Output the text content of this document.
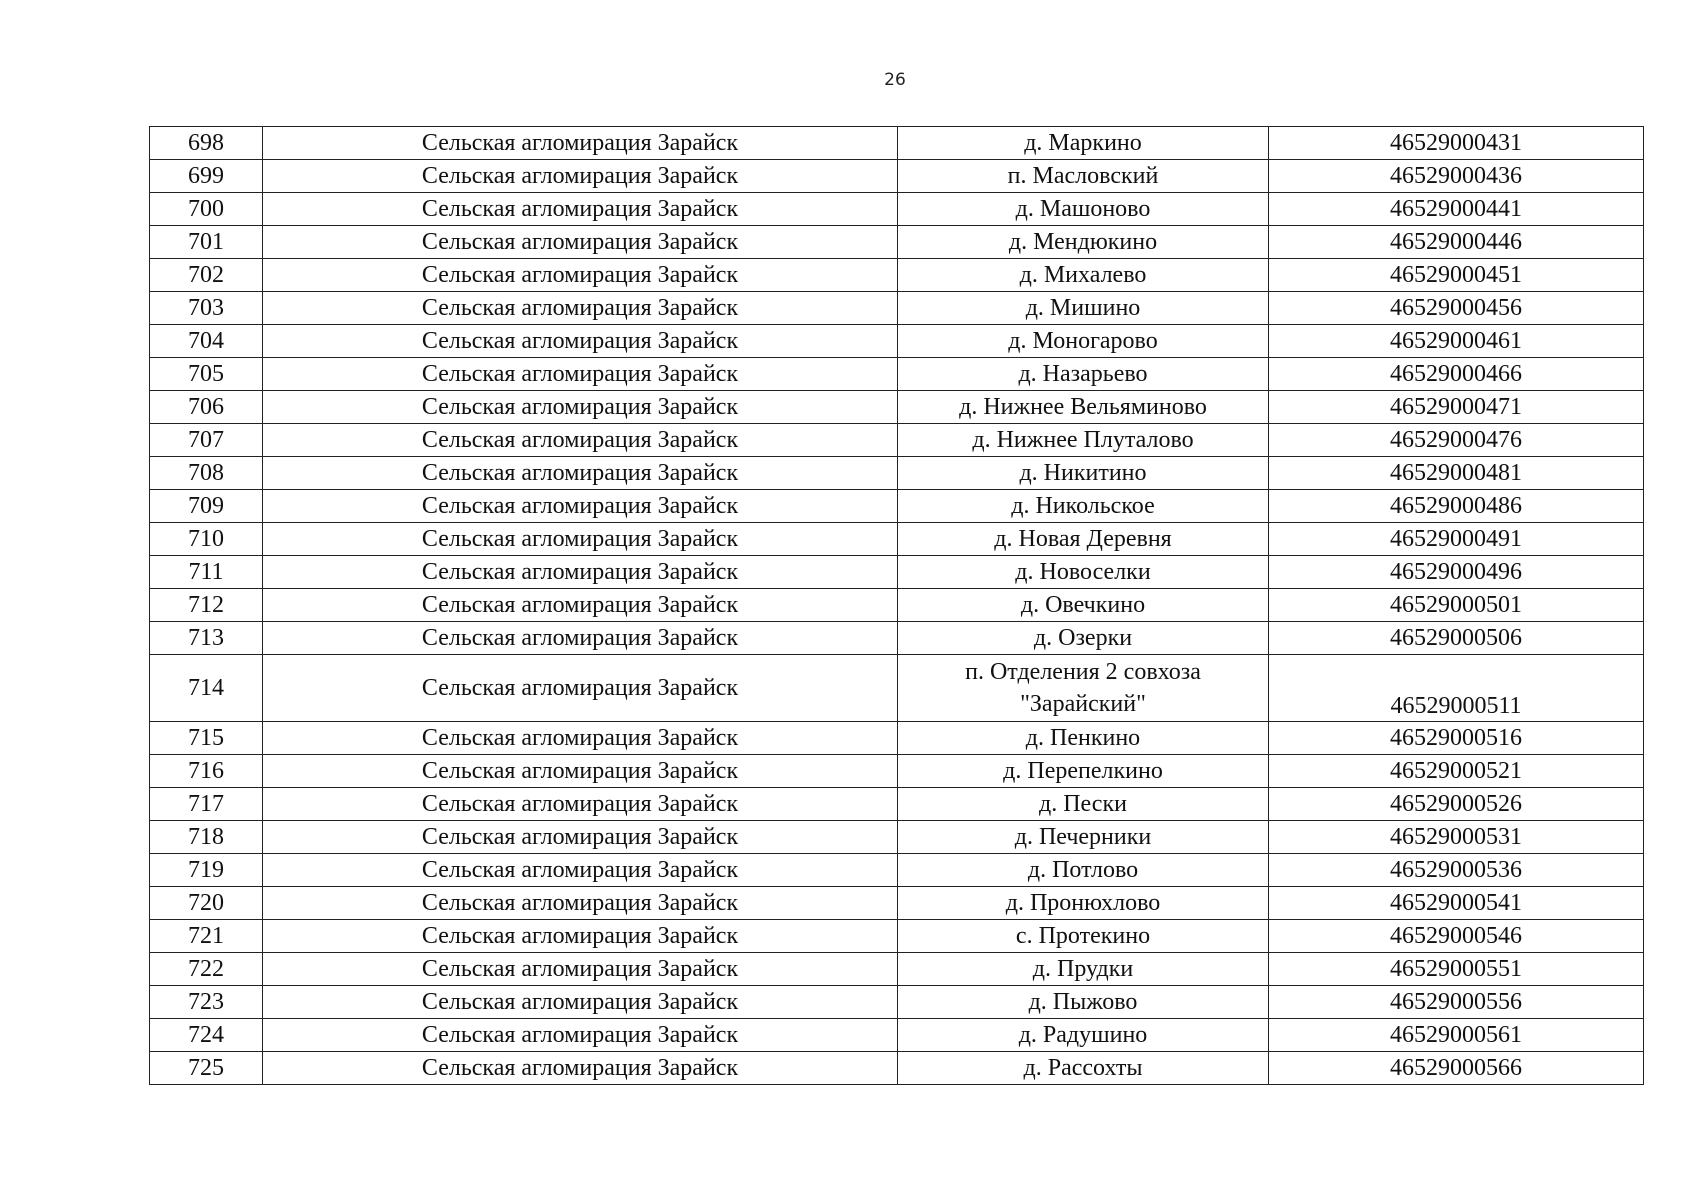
26
698	Сельская агломирация Зарайск	д. Маркино	46529000431
699	Сельская агломирация Зарайск	п. Масловский	46529000436
700	Сельская агломирация Зарайск	д. Машоново	46529000441
701	Сельская агломирация Зарайск	д. Мендюкино	46529000446
702	Сельская агломирация Зарайск	д. Михалево	46529000451
703	Сельская агломирация Зарайск	д. Мишино	46529000456
704	Сельская агломирация Зарайск	д. Моногарово	46529000461
705	Сельская агломирация Зарайск	д. Назарьево	46529000466
706	Сельская агломирация Зарайск	д. Нижнее Вельяминово	46529000471
707	Сельская агломирация Зарайск	д. Нижнее Плуталово	46529000476
708	Сельская агломирация Зарайск	д. Никитино	46529000481
709	Сельская агломирация Зарайск	д. Никольское	46529000486
710	Сельская агломирация Зарайск	д. Новая Деревня	46529000491
711	Сельская агломирация Зарайск	д. Новоселки	46529000496
712	Сельская агломирация Зарайск	д. Овечкино	46529000501
713	Сельская агломирация Зарайск	д. Озерки	46529000506
714	Сельская агломирация Зарайск	п. Отделения 2 совхоза "Зарайский"	46529000511
715	Сельская агломирация Зарайск	д. Пенкино	46529000516
716	Сельская агломирация Зарайск	д. Перепелкино	46529000521
717	Сельская агломирация Зарайск	д. Пески	46529000526
718	Сельская агломирация Зарайск	д. Печерники	46529000531
719	Сельская агломирация Зарайск	д. Потлово	46529000536
720	Сельская агломирация Зарайск	д. Пронюхлово	46529000541
721	Сельская агломирация Зарайск	с. Протекино	46529000546
722	Сельская агломирация Зарайск	д. Прудки	46529000551
723	Сельская агломирация Зарайск	д. Пыжово	46529000556
724	Сельская агломирация Зарайск	д. Радушино	46529000561
725	Сельская агломирация Зарайск	д. Рассохты	46529000566
